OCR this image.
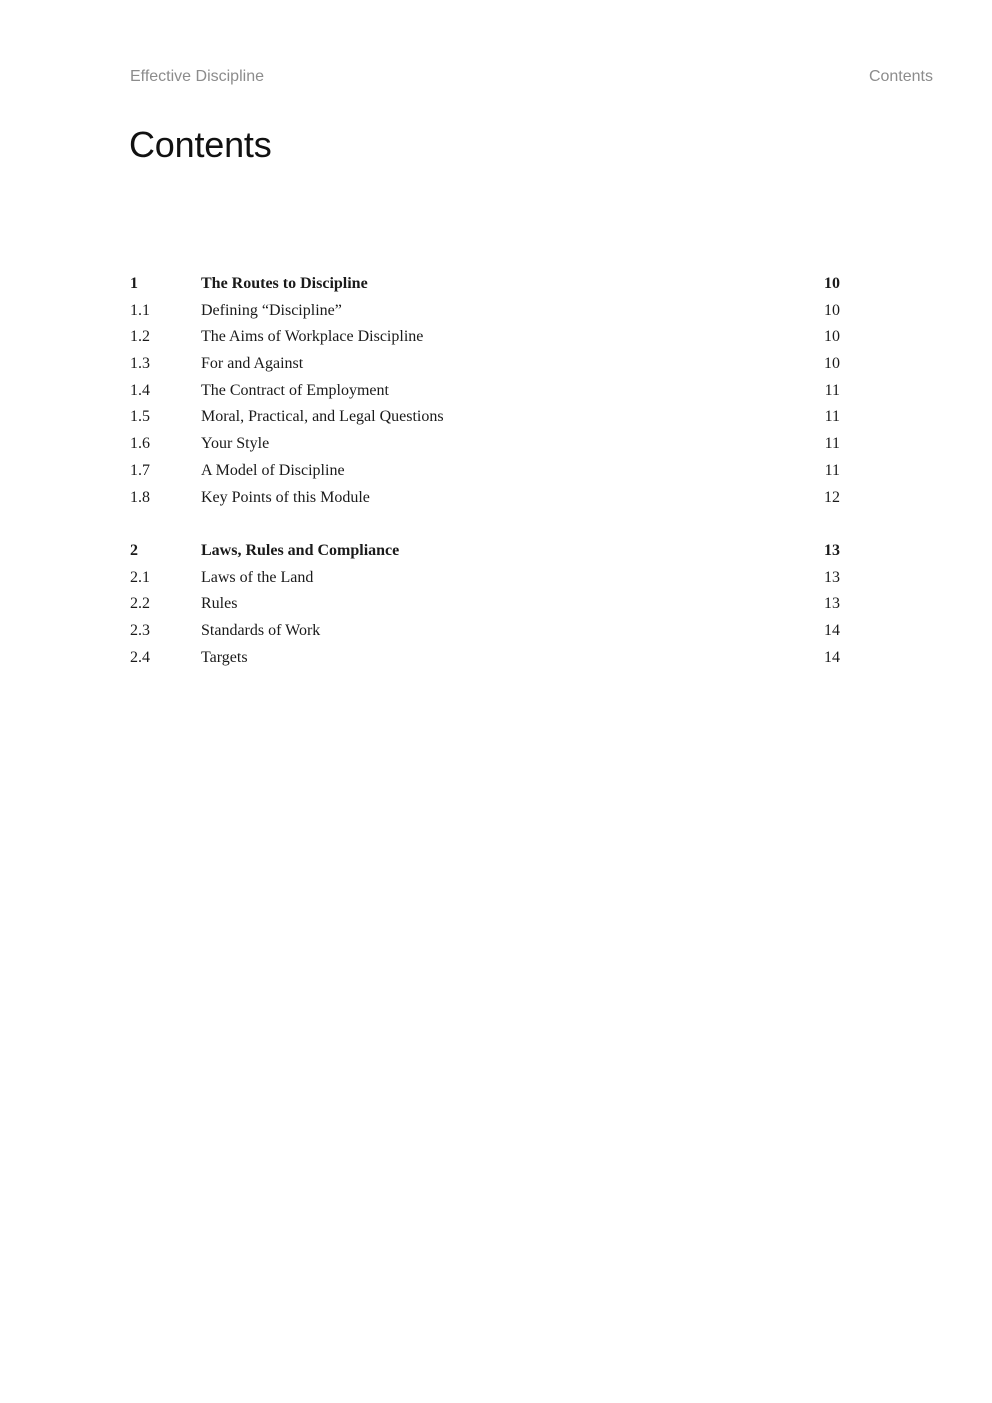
Effective Discipline	Contents
Contents
1	The Routes to Discipline	10
1.1	Defining “Discipline”	10
1.2	The Aims of Workplace Discipline	10
1.3	For and Against	10
1.4	The Contract of Employment	11
1.5	Moral, Practical, and Legal Questions	11
1.6	Your Style	11
1.7	A Model of Discipline	11
1.8	Key Points of this Module	12
2	Laws, Rules and Compliance	13
2.1	Laws of the Land	13
2.2	Rules	13
2.3	Standards of Work	14
2.4	Targets	14
